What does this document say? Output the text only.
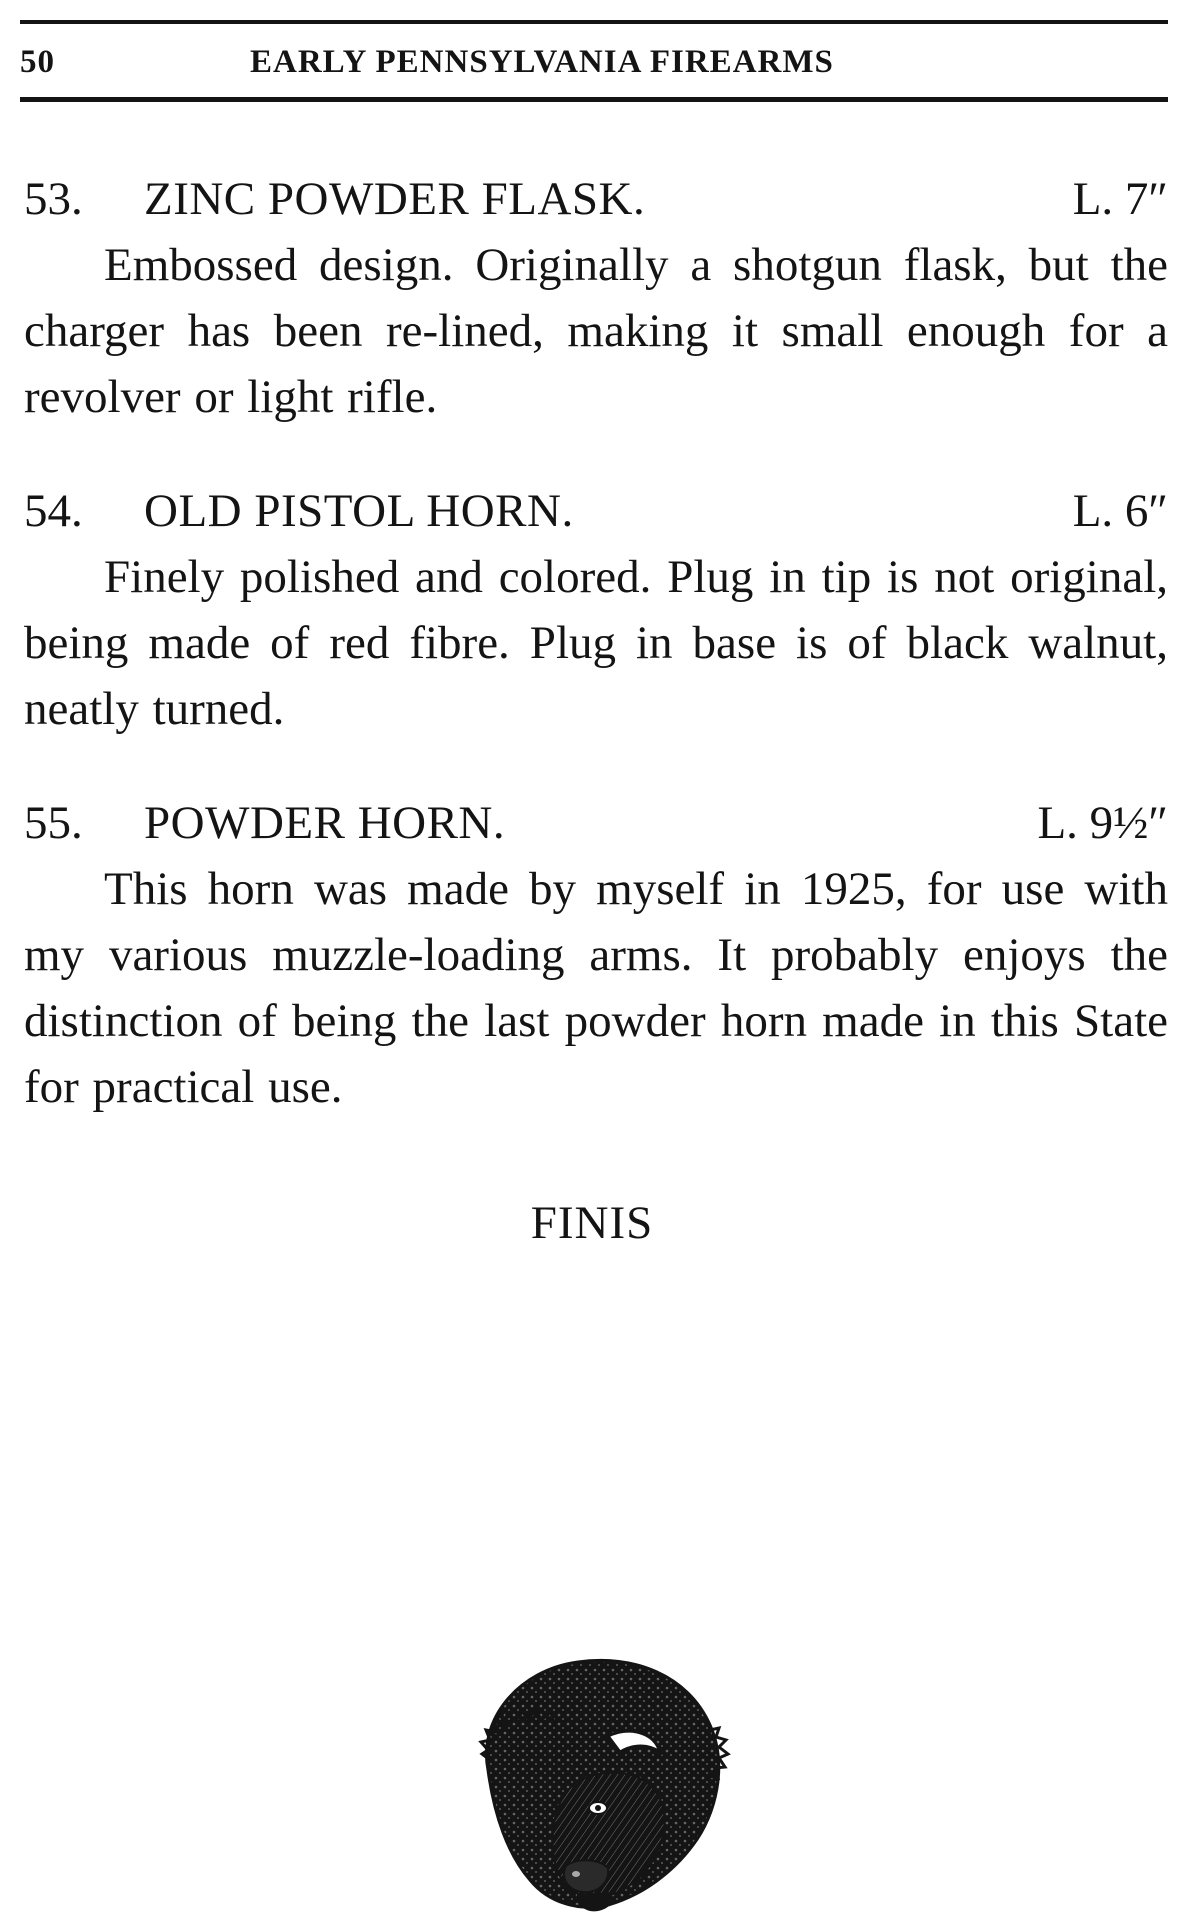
50	EARLY PENNSYLVANIA FIREARMS
53. ZINC POWDER FLASK.	L. 7″
Embossed design. Originally a shotgun flask, but the charger has been re-lined, making it small enough for a revolver or light rifle.
54. OLD PISTOL HORN.	L. 6″
Finely polished and colored. Plug in tip is not original, being made of red fibre. Plug in base is of black walnut, neatly turned.
55. POWDER HORN.	L. 9½″
This horn was made by myself in 1925, for use with my various muzzle-loading arms. It probably enjoys the distinction of being the last powder horn made in this State for practical use.
FINIS
